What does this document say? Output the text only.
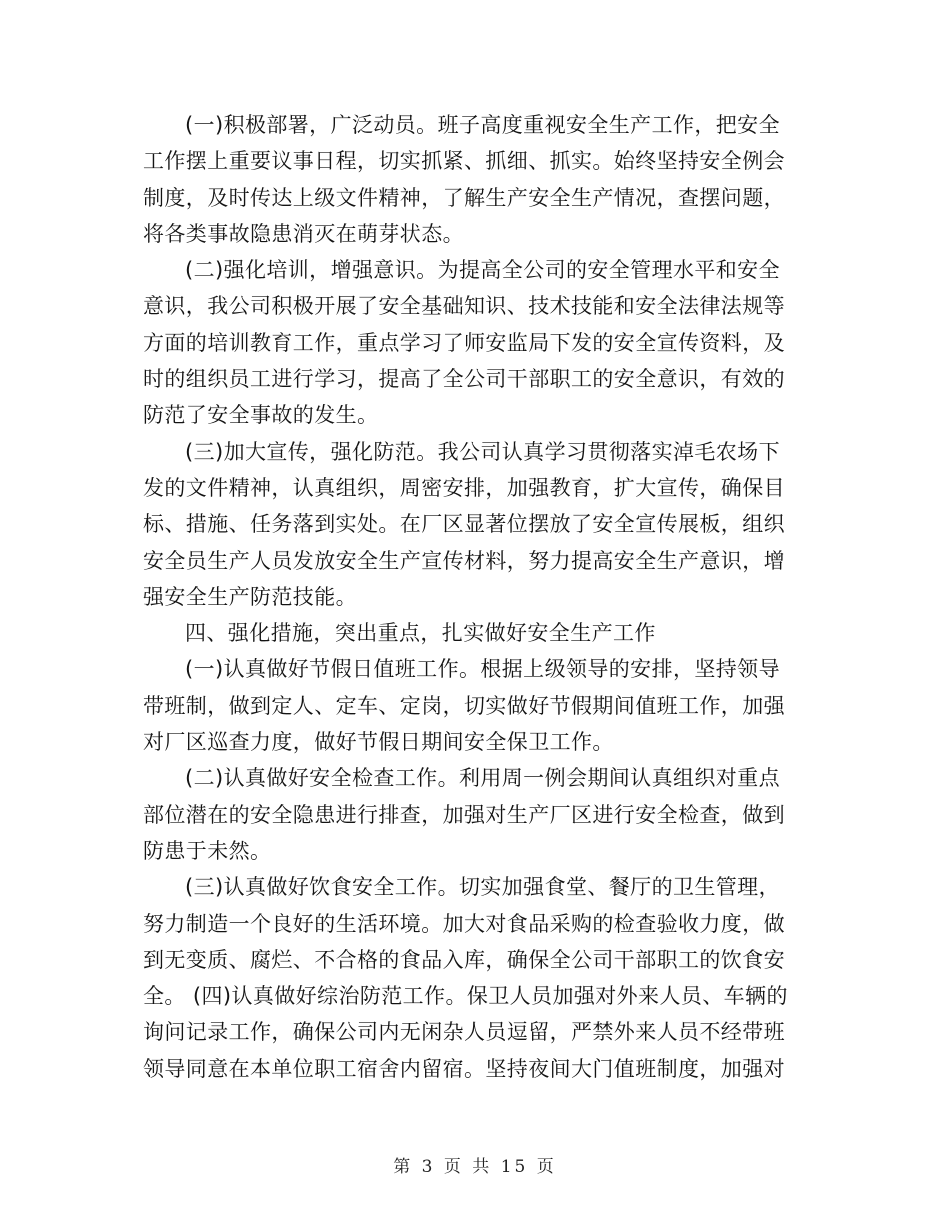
(一)积极部署，广泛动员。班子高度重视安全生产工作，把安全
工作摆上重要议事日程，切实抓紧、抓细、抓实。始终坚持安全例会
制度，及时传达上级文件精神，了解生产安全生产情况，查摆问题，
将各类事故隐患消灭在萌芽状态。
(二)强化培训，增强意识。为提高全公司的安全管理水平和安全
意识，我公司积极开展了安全基础知识、技术技能和安全法律法规等
方面的培训教育工作，重点学习了师安监局下发的安全宣传资料，及
时的组织员工进行学习，提高了全公司干部职工的安全意识，有效的
防范了安全事故的发生。
(三)加大宣传，强化防范。我公司认真学习贯彻落实淖毛农场下
发的文件精神，认真组织，周密安排，加强教育，扩大宣传，确保目
标、措施、任务落到实处。在厂区显著位摆放了安全宣传展板，组织
安全员生产人员发放安全生产宣传材料，努力提高安全生产意识，增
强安全生产防范技能。
四、强化措施，突出重点，扎实做好安全生产工作
(一)认真做好节假日值班工作。根据上级领导的安排，坚持领导
带班制，做到定人、定车、定岗，切实做好节假期间值班工作，加强
对厂区巡查力度，做好节假日期间安全保卫工作。
(二)认真做好安全检查工作。利用周一例会期间认真组织对重点
部位潜在的安全隐患进行排查，加强对生产厂区进行安全检查，做到
防患于未然。
(三)认真做好饮食安全工作。切实加强食堂、餐厅的卫生管理，
努力制造一个良好的生活环境。加大对食品采购的检查验收力度，做
到无变质、腐烂、不合格的食品入库，确保全公司干部职工的饮食安
全。 (四)认真做好综治防范工作。保卫人员加强对外来人员、车辆的
询问记录工作，确保公司内无闲杂人员逗留，严禁外来人员不经带班
领导同意在本单位职工宿舍内留宿。坚持夜间大门值班制度，加强对
第 3 页 共 15 页
